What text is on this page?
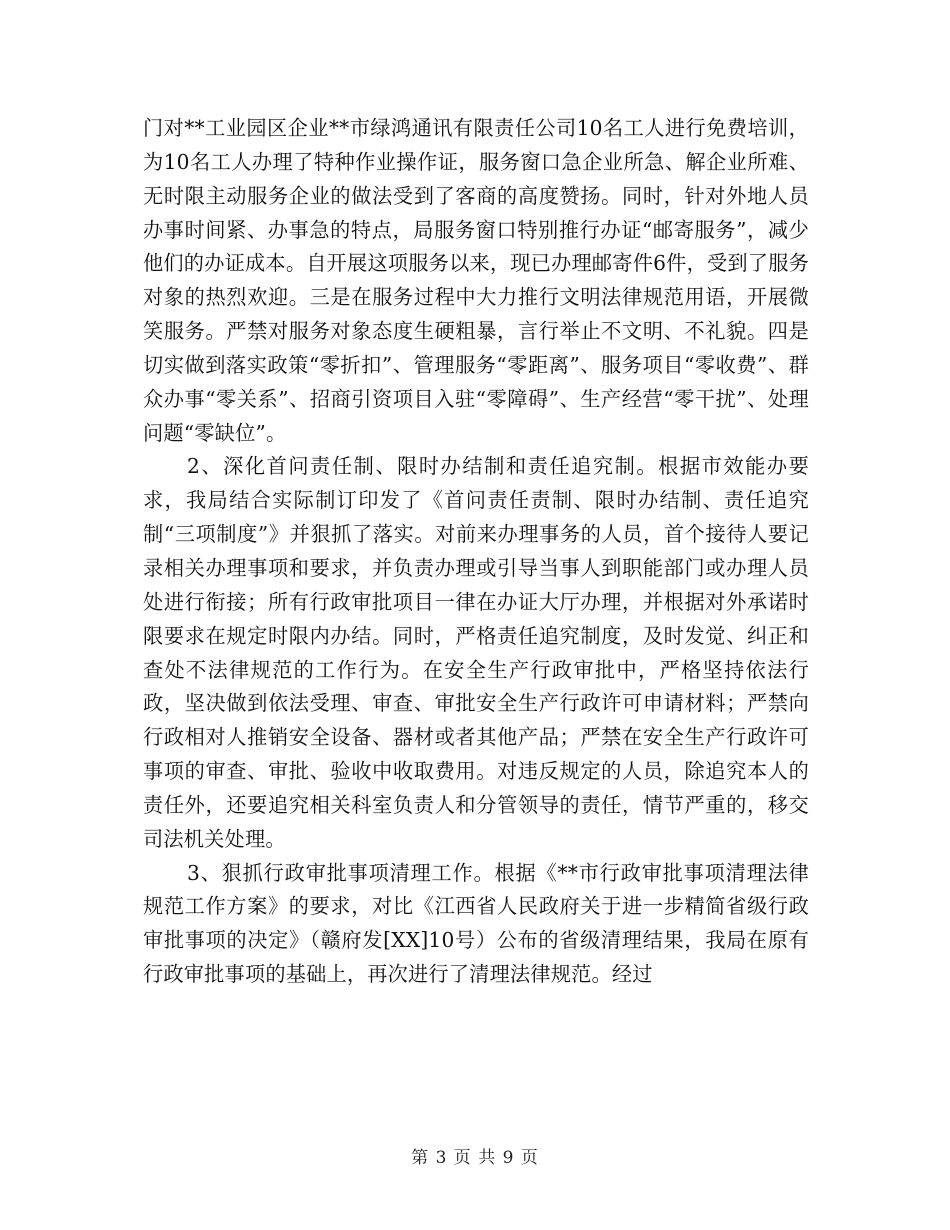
门对**工业园区企业**市绿鸿通讯有限责任公司10名工人进行免费培训，为10名工人办理了特种作业操作证，服务窗口急企业所急、解企业所难、无时限主动服务企业的做法受到了客商的高度赞扬。同时，针对外地人员办事时间紧、办事急的特点，局服务窗口特别推行办证“邮寄服务”，减少他们的办证成本。自开展这项服务以来，现已办理邮寄件6件，受到了服务对象的热烈欢迎。三是在服务过程中大力推行文明法律规范用语，开展微笑服务。严禁对服务对象态度生硬粗暴，言行举止不文明、不礼貌。四是切实做到落实政策“零折扣”、管理服务“零距离”、服务项目“零收费”、群众办事“零关系”、招商引资项目入驻“零障碍”、生产经营“零干扰”、处理问题“零缺位”。

2、深化首问责任制、限时办结制和责任追究制。根据市效能办要求，我局结合实际制订印发了《首问责任责制、限时办结制、责任追究制“三项制度”》并狠抓了落实。对前来办理事务的人员，首个接待人要记录相关办理事项和要求，并负责办理或引导当事人到职能部门或办理人员处进行衔接；所有行政审批项目一律在办证大厅办理，并根据对外承诺时限要求在规定时限内办结。同时，严格责任追究制度，及时发觉、纠正和查处不法律规范的工作行为。在安全生产行政审批中，严格坚持依法行政，坚决做到依法受理、审查、审批安全生产行政许可申请材料；严禁向行政相对人推销安全设备、器材或者其他产品；严禁在安全生产行政许可事项的审查、审批、验收中收取费用。对违反规定的人员，除追究本人的责任外，还要追究相关科室负责人和分管领导的责任，情节严重的，移交司法机关处理。

3、狠抓行政审批事项清理工作。根据《**市行政审批事项清理法律规范工作方案》的要求，对比《江西省人民政府关于进一步精简省级行政审批事项的决定》（赣府发[XX]10号）公布的省级清理结果，我局在原有行政审批事项的基础上，再次进行了清理法律规范。经过

第 3 页 共 9 页
